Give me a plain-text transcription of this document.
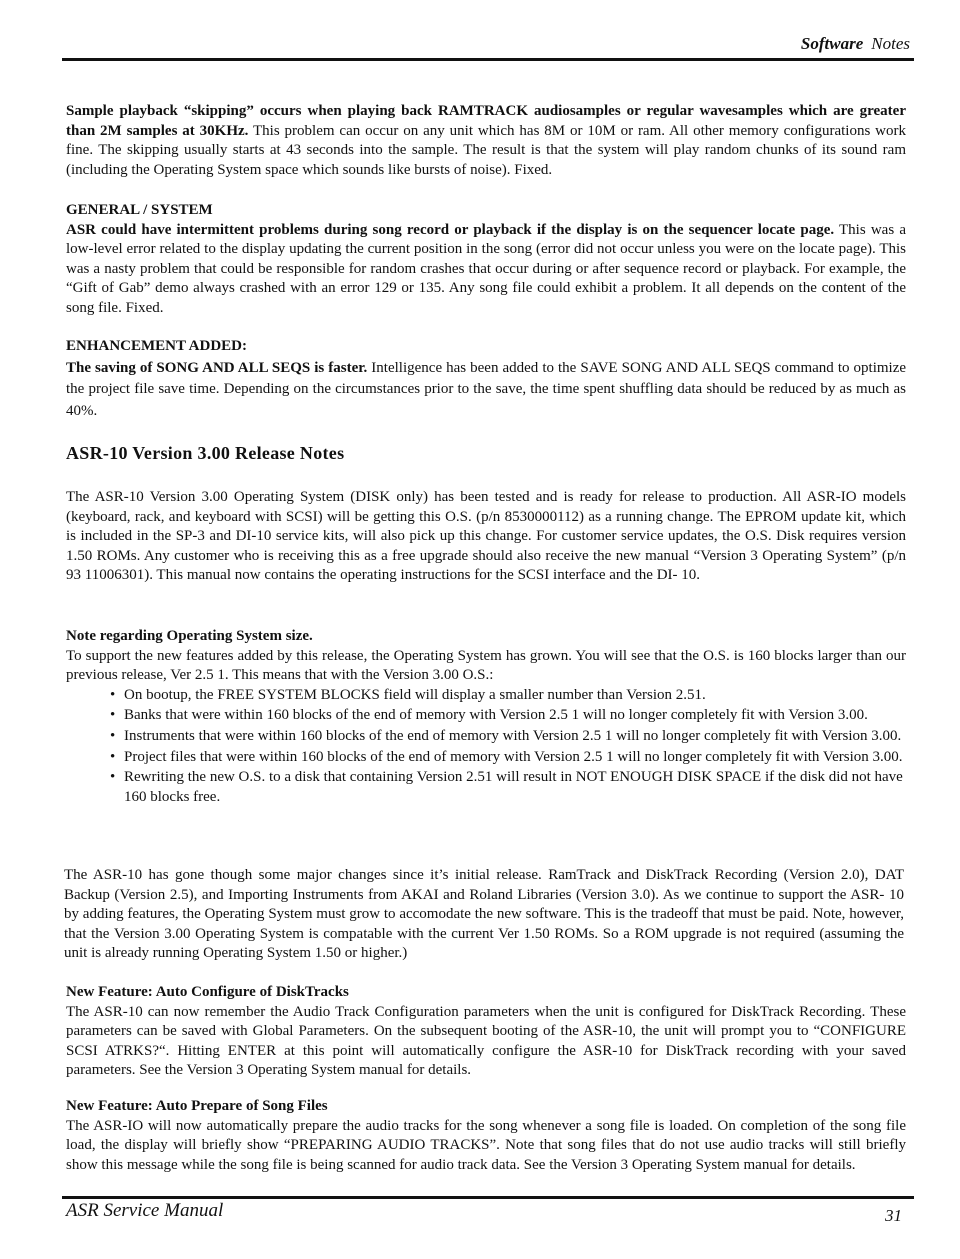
Software Notes
Sample playback “skipping” occurs when playing back RAMTRACK audiosamples or regular wavesamples which are greater than 2M samples at 30KHz. This problem can occur on any unit which has 8M or 10M or ram. All other memory configurations work fine. The skipping usually starts at 43 seconds into the sample. The result is that the system will play random chunks of its sound ram (including the Operating System space which sounds like bursts of noise). Fixed.
GENERAL / SYSTEM
ASR could have intermittent problems during song record or playback if the display is on the sequencer locate page. This was a low-level error related to the display updating the current position in the song (error did not occur unless you were on the locate page). This was a nasty problem that could be responsible for random crashes that occur during or after sequence record or playback. For example, the “Gift of Gab” demo always crashed with an error 129 or 135. Any song file could exhibit a problem. It all depends on the content of the song file. Fixed.
ENHANCEMENT ADDED:
The saving of SONG AND ALL SEQS is faster. Intelligence has been added to the SAVE SONG AND ALL SEQS command to optimize the project file save time. Depending on the circumstances prior to the save, the time spent shuffling data should be reduced by as much as 40%.
ASR-10 Version 3.00 Release Notes
The ASR-10 Version 3.00 Operating System (DISK only) has been tested and is ready for release to production. All ASR-IO models (keyboard, rack, and keyboard with SCSI) will be getting this O.S. (p/n 8530000112) as a running change. The EPROM update kit, which is included in the SP-3 and DI-10 service kits, will also pick up this change. For customer service updates, the O.S. Disk requires version 1.50 ROMs. Any customer who is receiving this as a free upgrade should also receive the new manual “Version 3 Operating System” (p/n 93 11006301). This manual now contains the operating instructions for the SCSI interface and the DI- 10.
Note regarding Operating System size.
To support the new features added by this release, the Operating System has grown. You will see that the O.S. is 160 blocks larger than our previous release, Ver 2.5 1. This means that with the Version 3.00 O.S.:
• On bootup, the FREE SYSTEM BLOCKS field will display a smaller number than Version 2.51.
• Banks that were within 160 blocks of the end of memory with Version 2.5 1 will no longer completely fit with Version 3.00.
• Instruments that were within 160 blocks of the end of memory with Version 2.5 1 will no longer completely fit with Version 3.00.
• Project files that were within 160 blocks of the end of memory with Version 2.5 1 will no longer completely fit with Version 3.00.
• Rewriting the new O.S. to a disk that containing Version 2.51 will result in NOT ENOUGH DISK SPACE if the disk did not have 160 blocks free.
The ASR-10 has gone though some major changes since it’s initial release. RamTrack and DiskTrack Recording (Version 2.0), DAT Backup (Version 2.5), and Importing Instruments from AKAI and Roland Libraries (Version 3.0). As we continue to support the ASR- 10 by adding features, the Operating System must grow to accomodate the new software. This is the tradeoff that must be paid. Note, however, that the Version 3.00 Operating System is compatable with the current Ver 1.50 ROMs. So a ROM upgrade is not required (assuming the unit is already running Operating System 1.50 or higher.)
New Feature: Auto Configure of DiskTracks
The ASR-10 can now remember the Audio Track Configuration parameters when the unit is configured for DiskTrack Recording. These parameters can be saved with Global Parameters. On the subsequent booting of the ASR-10, the unit will prompt you to “CONFIGURE SCSI ATRKS?“. Hitting ENTER at this point will automatically configure the ASR-10 for DiskTrack recording with your saved parameters. See the Version 3 Operating System manual for details.
New Feature: Auto Prepare of Song Files
The ASR-IO will now automatically prepare the audio tracks for the song whenever a song file is loaded. On completion of the song file load, the display will briefly show “PREPARING AUDIO TRACKS”. Note that song files that do not use audio tracks will still briefly show this message while the song file is being scanned for audio track data. See the Version 3 Operating System manual for details.
ASR Service Manual	31
